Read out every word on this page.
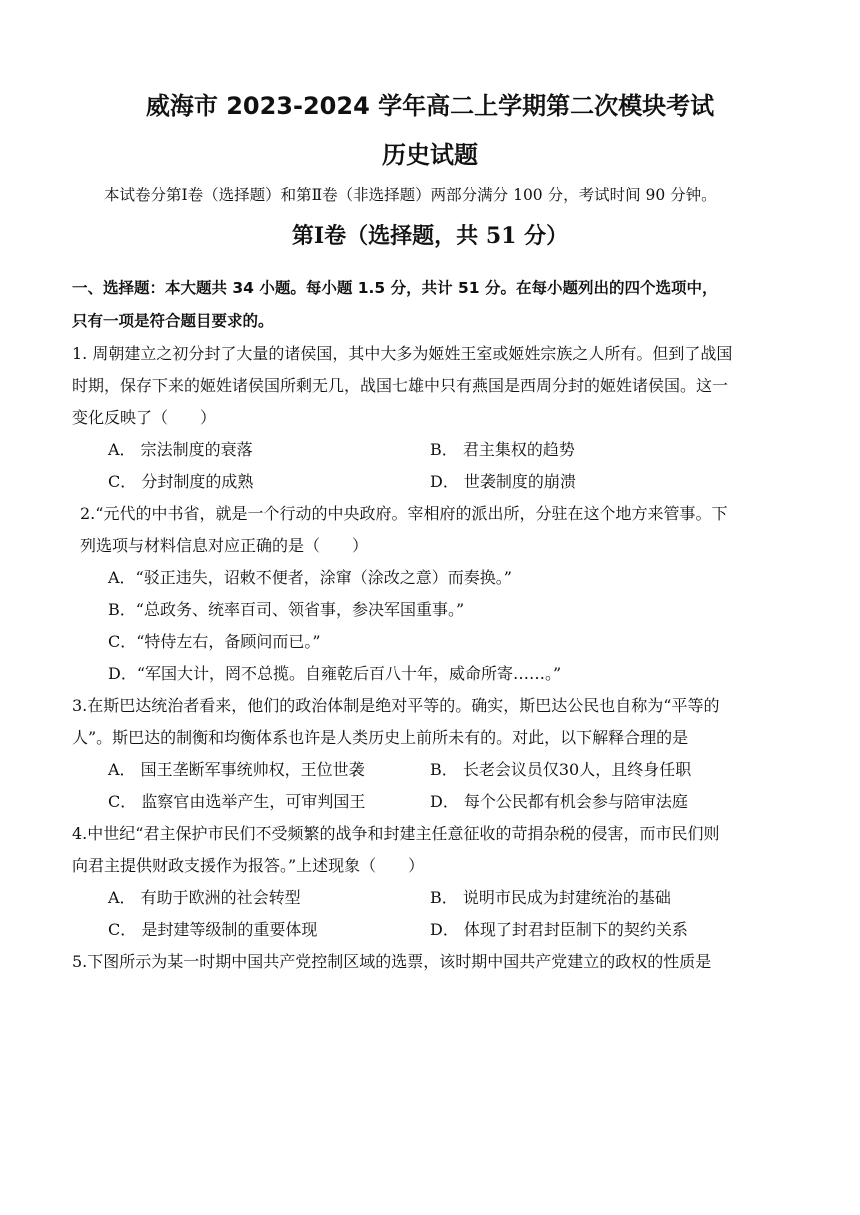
威海市 2023-2024 学年高二上学期第二次模块考试
历史试题
本试卷分第Ⅰ卷（选择题）和第Ⅱ卷（非选择题）两部分满分 100 分，考试时间 90 分钟。
第Ⅰ卷（选择题，共 51 分）
一、选择题：本大题共 34 小题。每小题 1.5 分，共计 51 分。在每小题列出的四个选项中，
只有一项是符合题目要求的。
1. 周朝建立之初分封了大量的诸侯国，其中大多为姬姓王室或姬姓宗族之人所有。但到了战国
时期，保存下来的姬姓诸侯国所剩无几，战国七雄中只有燕国是西周分封的姬姓诸侯国。这一
变化反映了（　　）
A． 宗法制度的衰落	B． 君主集权的趋势
C． 分封制度的成熟	D． 世袭制度的崩溃
2.“元代的中书省，就是一个行动的中央政府。宰相府的派出所，分驻在这个地方来管事。下
列选项与材料信息对应正确的是（　　）
A．“驳正违失，诏敕不便者，涂窜（涂改之意）而奏换。”
B．“总政务、统率百司、领省事，参决军国重事。”
C．“特侍左右，备顾问而已。”
D．“军国大计，罔不总揽。自雍乾后百八十年，威命所寄……。”
3.在斯巴达统治者看来，他们的政治体制是绝对平等的。确实，斯巴达公民也自称为“平等的
人”。斯巴达的制衡和均衡体系也许是人类历史上前所未有的。对此，以下解释合理的是
A． 国王垄断军事统帅权，王位世袭	B． 长老会议员仅30人，且终身任职
C． 监察官由选举产生，可审判国王	D． 每个公民都有机会参与陪审法庭
4.中世纪“君主保护市民们不受频繁的战争和封建主任意征收的苛捐杂税的侵害，而市民们则
向君主提供财政支援作为报答。”上述现象（　　）
A． 有助于欧洲的社会转型	B． 说明市民成为封建统治的基础
C． 是封建等级制的重要体现	D． 体现了封君封臣制下的契约关系
5.下图所示为某一时期中国共产党控制区域的选票，该时期中国共产党建立的政权的性质是
